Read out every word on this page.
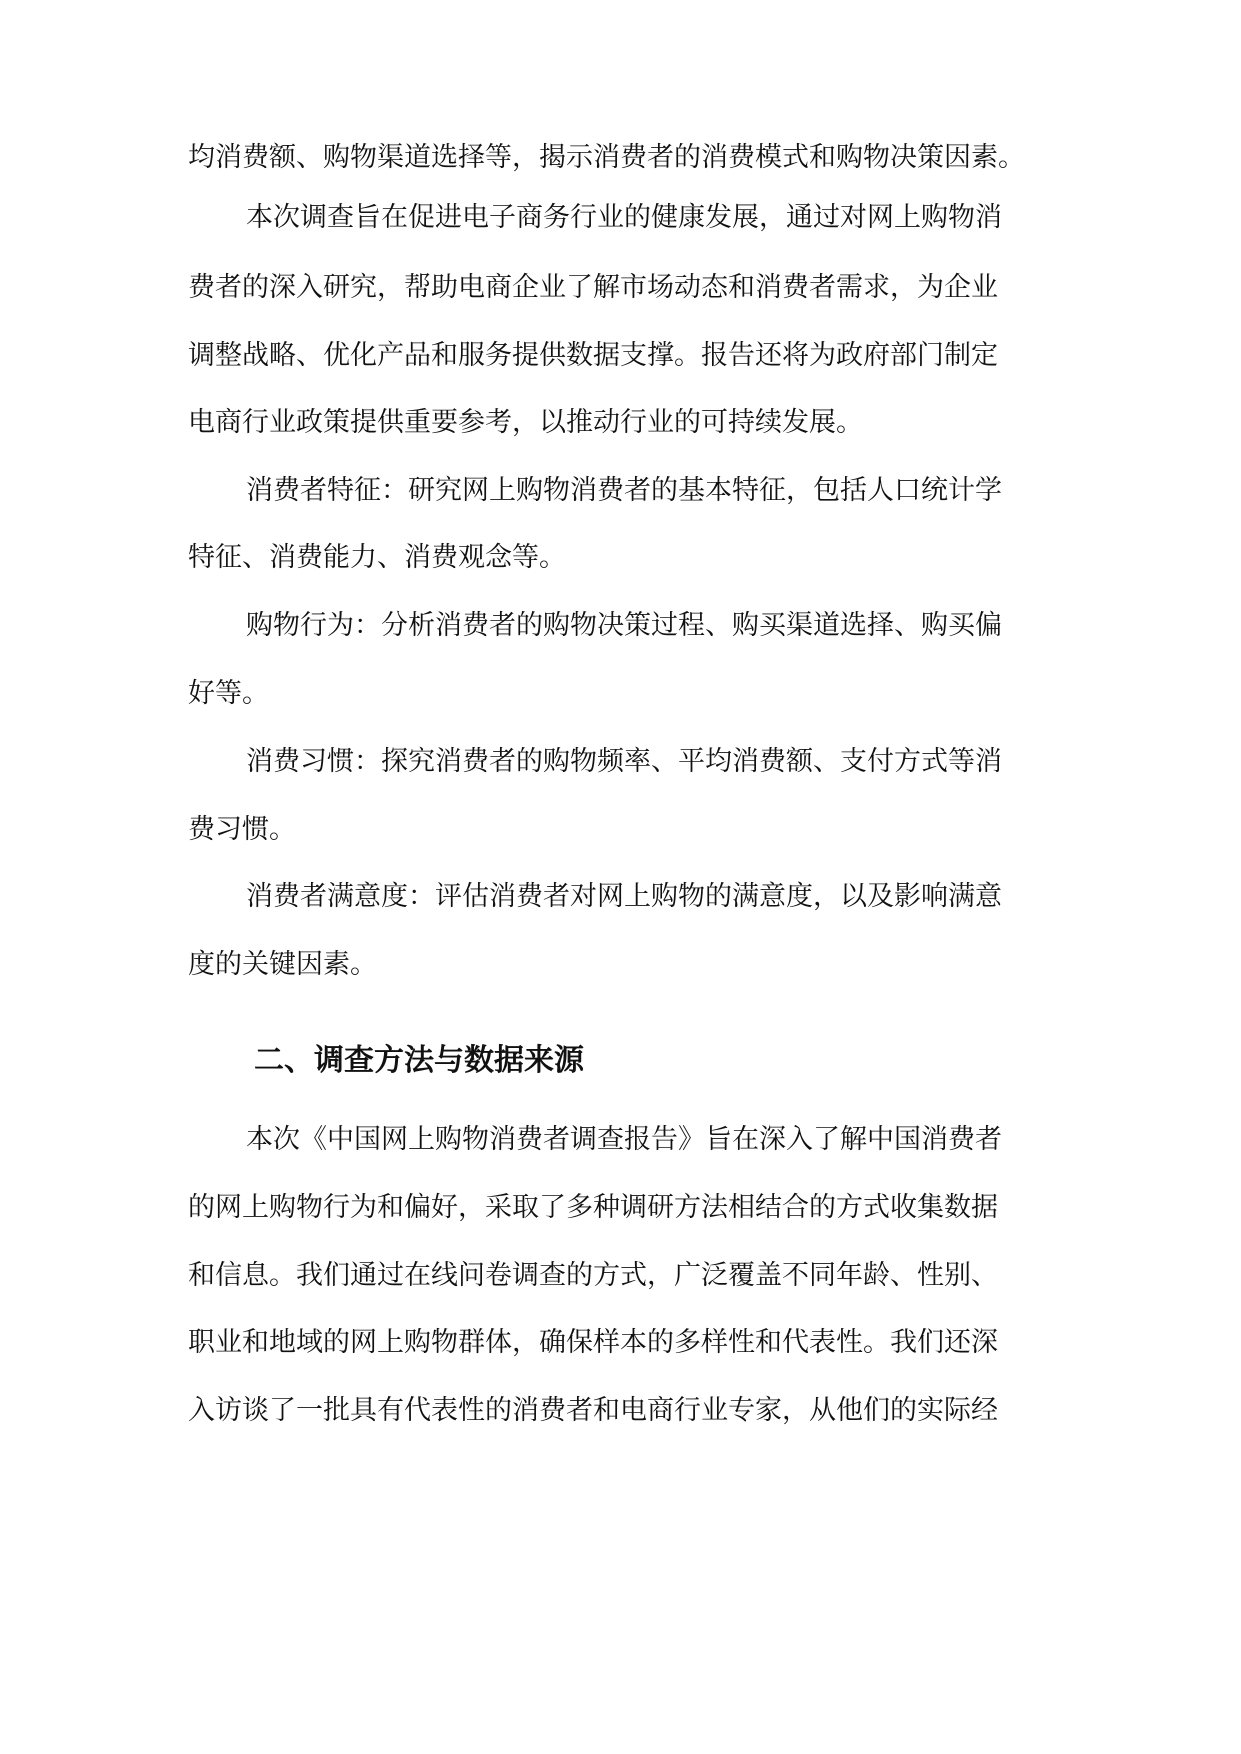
均消费额、购物渠道选择等，揭示消费者的消费模式和购物决策因素。
本次调查旨在促进电子商务行业的健康发展，通过对网上购物消
费者的深入研究，帮助电商企业了解市场动态和消费者需求，为企业
调整战略、优化产品和服务提供数据支撑。报告还将为政府部门制定
电商行业政策提供重要参考，以推动行业的可持续发展。
消费者特征：研究网上购物消费者的基本特征，包括人口统计学
特征、消费能力、消费观念等。
购物行为：分析消费者的购物决策过程、购买渠道选择、购买偏
好等。
消费习惯：探究消费者的购物频率、平均消费额、支付方式等消
费习惯。
消费者满意度：评估消费者对网上购物的满意度，以及影响满意
度的关键因素。
二、调查方法与数据来源
本次《中国网上购物消费者调查报告》旨在深入了解中国消费者
的网上购物行为和偏好，采取了多种调研方法相结合的方式收集数据
和信息。我们通过在线问卷调查的方式，广泛覆盖不同年龄、性别、
职业和地域的网上购物群体，确保样本的多样性和代表性。我们还深
入访谈了一批具有代表性的消费者和电商行业专家，从他们的实际经
